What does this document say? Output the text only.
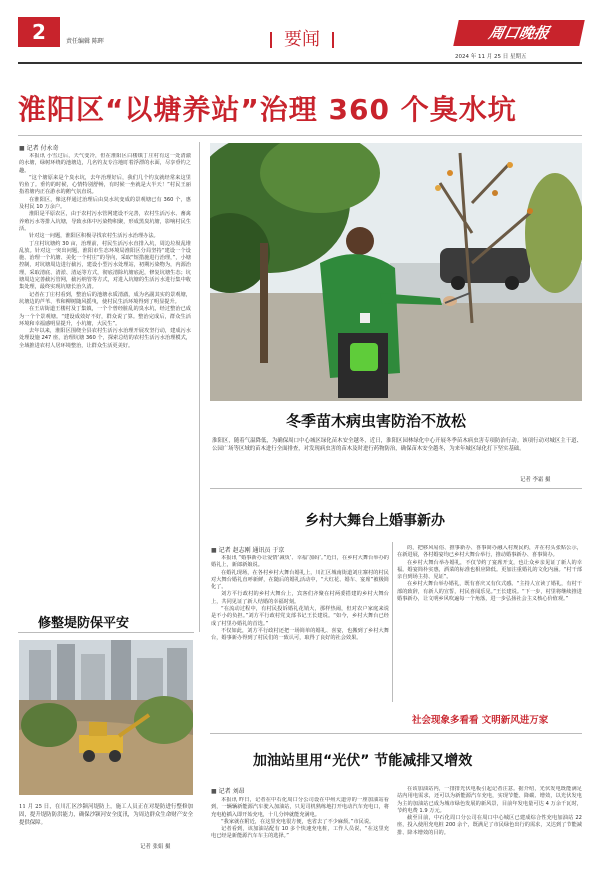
2	责任编辑 陈晖	要闻	周口晚报
2024 年 11 月 25 日 星期五
淮阳区“以塘养站”治理 360 个臭水坑
■ 记者 付永奇

本报讯 小雪过后，天气变冷，但在淮阳区白楼镇丁庄村有这一处清澈的水塘，绿树环绕的池塘边，几名钓友专注地盯着浮漂的水面，尽享垂钓之趣。

“这个塘原来是个臭水坑，去年治理好后，我们几个钓友就经常来这里钓鱼了。垂钓的时候，心情特别舒畅，有时候一坐就是大半天！”村民王丽指着塘内正在游水的鹅气氛直说。

在淮阳区，像这样通过治理后由臭水坑变成的景观塘已有 360 个，惠及村民 10 万余户。

淮阳是平原农区，由于农村污水管网建设不完善，农村生活污水、畜禽养殖污水等排入坑塘，导致水体中污染物积聚，形成黑臭坑塘，影响村民生活。

针对这一问题，淮阳区积极寻找农村生活污水治理办法。

丁庄村坑塘约 30 亩，治理前，村民生活污水直排入坑，周边垃圾乱堆乱放。针对这一突出问题，淮阳市生态环境局淮阳区分局坚持“建设一个设施、治理一个坑塘、美化一个村庄”的导向，采取“短措施进行治理，”，小塘控制，对坑塘周边进行截污，建设小型污水处理站，初期污染物为，内源治理，采取清底、清淤、清运等方式，彻底清除坑塘底泥，修复坑塘生态；坑塘周边完善截污管网，截污纳管等方式，对进入坑塘的生活污水进行集中收集处理，最终实现坑塘长治久清。

记者在丁庄村看到，整治后的池塘水质清澈，成为名副其实的景观塘，坑塘边的芦苇、苇和柳树随风摇曳，使村民生活环境得到了明显提升。

在王店街道王楼村及丁集镇，一个个曾经脏乱的臭水坑，经过整治已成为一个个景观塘。“建设成效好不好，群众说了算。整治完成后，群众生活环境和幸福感明显提升，小坑塘，大民生”。

去年以来，淮阳区围绕全县农村生活污水治理开展攻坚行动，建成污水处理设施 247 座，治理坑塘 360 个，探索总结的农村生活污水治理模式，全域推进农村人居环境整治，让群众生活更美好。

冬季苗木病虫害防治不放松
淮阳区，随着气温降低，为确保周口中心城区绿化苗木安全越冬，近日，淮阳区园林绿化中心开展冬季苗木病虫害专项防治行动。该项行动对城区主干道、公园广场等区域的苗木进行全面排查，对发现病虫害的苗木及时进行药物防治，确保苗木安全越冬，为来年城区绿化打下坚实基础。
记者 李霜 摄
乡村大舞台上婚事新办
■ 记者 赵志刚 通讯员 于京

本报讯 “婚事新办让爱情‘减负’、幸福‘加码’。”近日，在乡村大舞台举办的婚礼上，新郎新娘说。

在婚礼现场，在各村乡村大舞台婚礼上，川汇区城南街道刘庄寨村的村民对大舞台婚礼直呼新鲜，在随后的婚礼活动中，“大红花、婚车、宴席”被极简化了。

刘方平行政村的乡村大舞台上，宾客们齐聚在村两委搭建的乡村大舞台上，共同见证了新人结婚的幸福时刻。

“在流动过程中，有村民投诉婚礼花销大，那样热闹，但对农户家庭来说是不小的负担。”刘方平行政村党支部书记王长建说。“如今，乡村大舞台已经成了村里办婚礼的首选。”

不仅如此，刘方平行政村还把一场简单的婚礼、喜宴，也搬到了乡村大舞台，婚事新办得到了村民们的一致认可，取得了良好的社会效果。

的，把移风易俗、推事新办、喜事简办融入村规民约，并在村头张贴公示，在新进展，各村婚宴均已乡村大舞台举行，推动婚事新办、喜事简办。

在乡村大舞台举办婚礼，不仅节约了宴席开支，也让众乡亲见证了新人的幸福。婚宴简朴实惠，酒菜的标准也相应降低。更加注重婚礼的文化内涵。“村干部亲自到场主持、见证”。

在乡村大舞台举办婚礼，既有喜庆又有仪式感。“主持人宣读了婚礼，有村干部的致辞，有新人的宣誓，村民喜闻乐见。”王长建说。“下一步，村里将继续推进婚事新办，让文明乡风吹遍每一个角落，进一步弘扬社会主义核心价值观。”

社会现象多看看 文明新风进万家
修整堤防保平安
11 月 25 日，在川汇区沙颍河堤防上，施工人员正在对堤防进行整修加固，提升堤防防洪能力，确保沙颍河安全度汛，为周边群众生命财产安全提供保障。
记者 张娟 摄
加油站里用“光伏” 节能减排又增效
■ 记者 刘昂

本报讯 昨日，记者在中石化周口分公司设在中州大道旁的一座加油站看到，一辆辆新能源汽车驶入加油站，只见司机熟练地打开电动汽车充电口，将充电枪插入即开始充电，十几分钟就能充满电。

“我家就在附近，在这里充电很方便，也省去了不少麻烦。”市民说。

记者看到，该加油站配有 10 多个快速充电桩，工作人员说，“在这里充电已经是新能源汽车车主的选择。”

在该加油站内，一排排光伏电板引起记者注意。据介绍，光伏发电既能满足站内用电需求，还可以为新能源汽车充电，实现节能、降碳、增效，以光伏发电为主的加油站已成为城市绿色发展的新风景，目前年发电量可达 4 万余千瓦时，节约电费 1.9 万元。

截至目前，中石化周口分公司在周口中心城区已建成综合性充电加油站 22 座，投入使用充电桩 200 余个，既满足了市民绿色出行的需求，又达到了节能减排、降本增效的目的。
